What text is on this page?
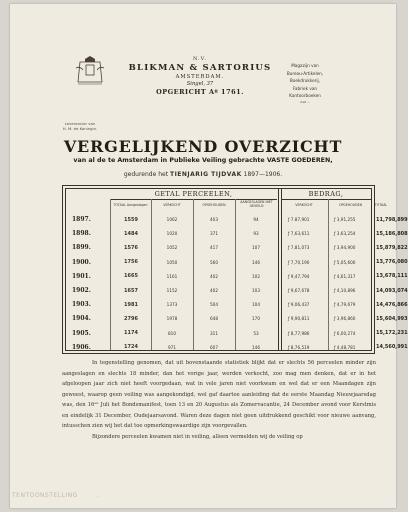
Leverancier van
H. M. de Koningin.
N.V.
BLIKMAN & SARTORIUS
AMSTERDAM.
Singel, 37
OPGERICHT Aº 1761.
Magazijn van
Bureau-Artikelen,
Boekdrukkerij,
Fabriek van
Kantoorboeken
met ...
VERGELIJKEND OVERZICHT
van al de te Amsterdam in Publieke Veiling gebrachte VASTE GOEDEREN,
gedurende het TIENJARIG TIJDVAK 1897—1906.
GETAL PERCEELEN,	BEDRAG,
TOTAAL Aangeslagen	VERKOCHT	OPGEHOUDEN
AANGESLAGEN NIET GEVEILD	VERKOCHT	OPGEHOUDEN
1897.	1559	1062	403	94	ƒ 7.87,901	ƒ 3,91,255	11,798,899
1898.	1484	1020	371	93	ƒ 7,63,611	ƒ 3,63,254	15,186,808
1899.	1576	1052	417	107	ƒ 7,81,073	ƒ 3,94,900	15,879,822
1900.	1756	1050	560	146	ƒ 7,70,190	ƒ 5,05,600	13,776,080
1901.	1665	1161	402	102	ƒ 9,47,794	ƒ 4,61,317	13,678,111
1902.	1657	1152	402	103	ƒ 9,67,678	ƒ 4,10,896	14,093,074
1903.	1981	1373	504	104	ƒ 9,06,437	ƒ 4,79,679	14,476,866
1904.	2796	1978	648	170	ƒ 9,90,811	ƒ 3,96,860	15,604,993
1905.	1174	810	311	53	ƒ 8,77,986	ƒ 6,00,274	15,172,231
1906.	1724	971	607	146	ƒ 8,76,519	ƒ 4,48,781	14,560,991
TOTAAL

In tegenstelling genomen, dat uit bovenstaande statistiek blijkt dat er slechts 56 perceelen minder zijn aangeslagen en slechts 18 minder, dan het vorige jaar, werden verkocht, zoo mag men denken, dat er in het afgeloopen jaar zich niet heeft voorgedaan, wat in vele jaren niet voorkwam en wel dat er een Maandagen zijn geweest, waarop geen veiling was aangekondigd, wel gaf daartoe aanleiding dat de eerste Maandag Nieuwjaarsdag was, den 16ᵉⁿ Juli het Bondsmanifest, toen 13 en 20 Augustus als Zomervacantie, 24 December avond voor Kerstmis en eindelijk 31 December, Oudejaarsavond. Waren deze dagen niet geen uitdrukkend geschikt voor nieuwe aanvang, intusschen zien wij het dat toe opmerkingswaardige zijn voorgevallen.

Bijzondere perceelen kwamen niet in veiling, alleen vermelden wij de veiling op

TENTOONSTELLING	...
